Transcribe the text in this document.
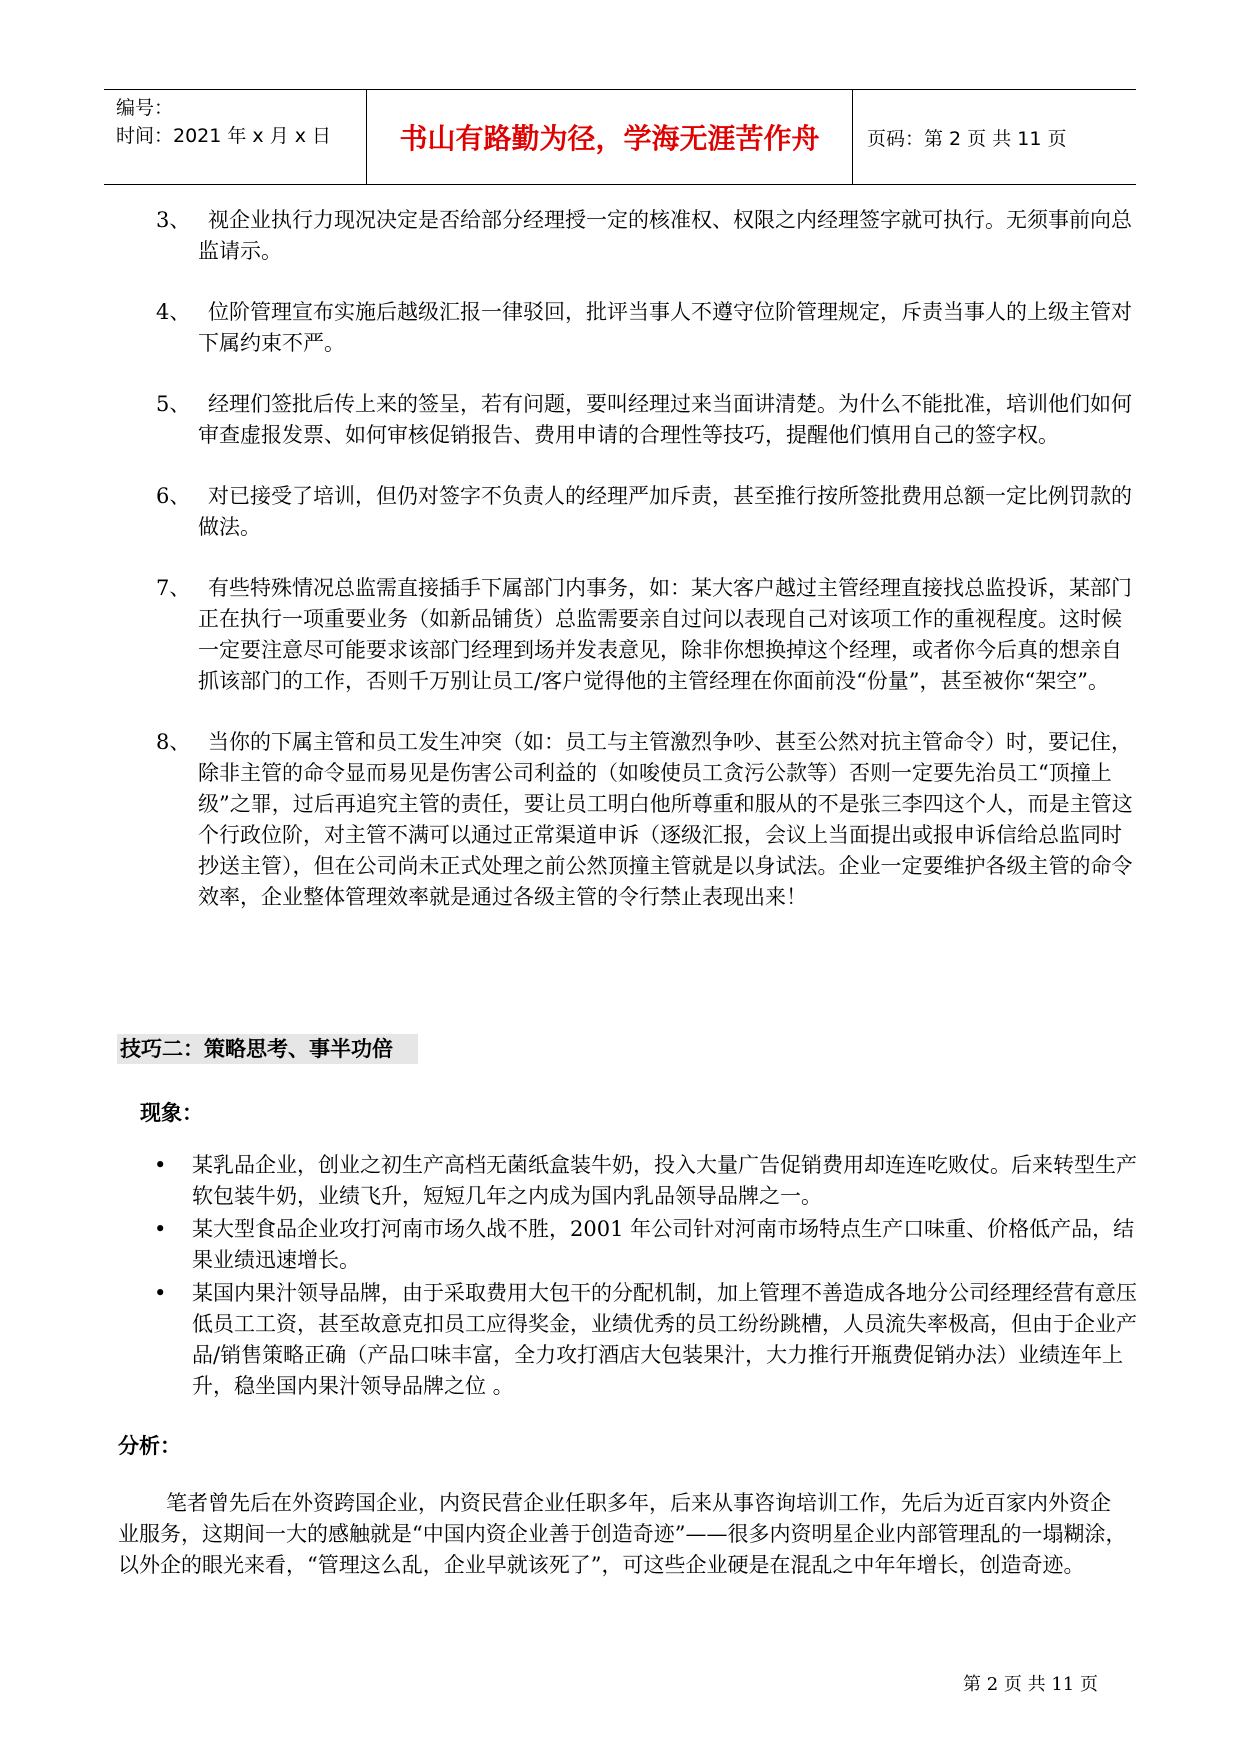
编号：
时间：2021 年 x 月 x 日	书山有路勤为径，学海无涯苦作舟	页码：第 2 页 共 11 页
3、 视企业执行力现况决定是否给部分经理授一定的核准权、权限之内经理签字就可执行。无须事前向总监请示。
4、 位阶管理宣布实施后越级汇报一律驳回，批评当事人不遵守位阶管理规定，斥责当事人的上级主管对下属约束不严。
5、 经理们签批后传上来的签呈，若有问题，要叫经理过来当面讲清楚。为什么不能批准，培训他们如何审查虚报发票、如何审核促销报告、费用申请的合理性等技巧，提醒他们慎用自己的签字权。
6、 对已接受了培训，但仍对签字不负责人的经理严加斥责，甚至推行按所签批费用总额一定比例罚款的做法。
7、 有些特殊情况总监需直接插手下属部门内事务，如：某大客户越过主管经理直接找总监投诉，某部门正在执行一项重要业务（如新品铺货）总监需要亲自过问以表现自己对该项工作的重视程度。这时候一定要注意尽可能要求该部门经理到场并发表意见，除非你想换掉这个经理，或者你今后真的想亲自抓该部门的工作，否则千万别让员工/客户觉得他的主管经理在你面前没“份量”，甚至被你“架空”。
8、 当你的下属主管和员工发生冲突（如：员工与主管激烈争吵、甚至公然对抗主管命令）时，要记住，除非主管的命令显而易见是伤害公司利益的（如唆使员工贪污公款等）否则一定要先治员工“顶撞上级”之罪，过后再追究主管的责任，要让员工明白他所尊重和服从的不是张三李四这个人，而是主管这个行政位阶，对主管不满可以通过正常渠道申诉（逐级汇报，会议上当面提出或报申诉信给总监同时抄送主管），但在公司尚未正式处理之前公然顶撞主管就是以身试法。企业一定要维护各级主管的命令效率，企业整体管理效率就是通过各级主管的令行禁止表现出来！
技巧二：策略思考、事半功倍
现象：
• 某乳品企业，创业之初生产高档无菌纸盒装牛奶，投入大量广告促销费用却连连吃败仗。后来转型生产软包装牛奶，业绩飞升，短短几年之内成为国内乳品领导品牌之一。
• 某大型食品企业攻打河南市场久战不胜，2001 年公司针对河南市场特点生产口味重、价格低产品，结果业绩迅速增长。
• 某国内果汁领导品牌，由于采取费用大包干的分配机制，加上管理不善造成各地分公司经理经营有意压低员工工资，甚至故意克扣员工应得奖金，业绩优秀的员工纷纷跳槽，人员流失率极高，但由于企业产品/销售策略正确（产品口味丰富，全力攻打酒店大包装果汁，大力推行开瓶费促销办法）业绩连年上升，稳坐国内果汁领导品牌之位 。
分析：
笔者曾先后在外资跨国企业，内资民营企业任职多年，后来从事咨询培训工作，先后为近百家内外资企业服务，这期间一大的感触就是“中国内资企业善于创造奇迹”——很多内资明星企业内部管理乱的一塌糊涂，以外企的眼光来看，“管理这么乱，企业早就该死了”，可这些企业硬是在混乱之中年年增长，创造奇迹。
第 2 页 共 11 页
